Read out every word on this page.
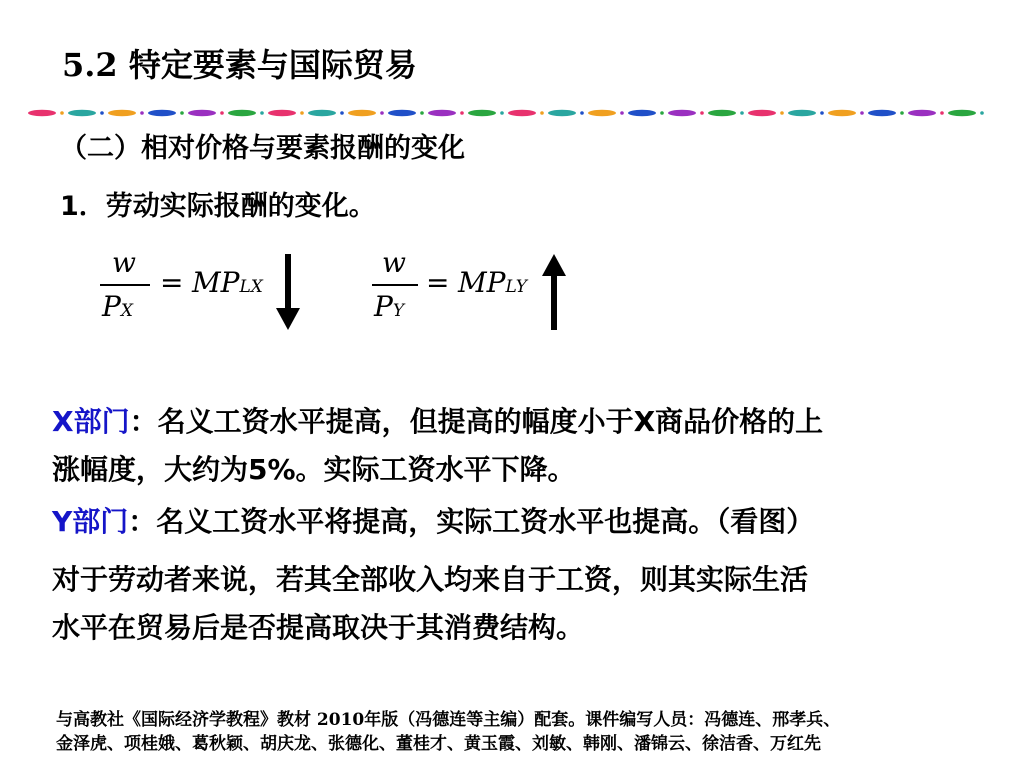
5.2 特定要素与国际贸易
（二）相对价格与要素报酬的变化
1．劳动实际报酬的变化。
w
PX
= MPLX
w
PY
= MPLY
X部门：名义工资水平提高，但提高的幅度小于X商品价格的上
涨幅度，大约为5%。实际工资水平下降。
Y部门：名义工资水平将提高，实际工资水平也提高。（看图）
对于劳动者来说，若其全部收入均来自于工资，则其实际生活
水平在贸易后是否提高取决于其消费结构。
与高教社《国际经济学教程》教材 2010年版（冯德连等主编）配套。课件编写人员：冯德连、邢孝兵、
金泽虎、项桂娥、葛秋颖、胡庆龙、张德化、董桂才、黄玉霞、刘敏、韩刚、潘锦云、徐洁香、万红先
